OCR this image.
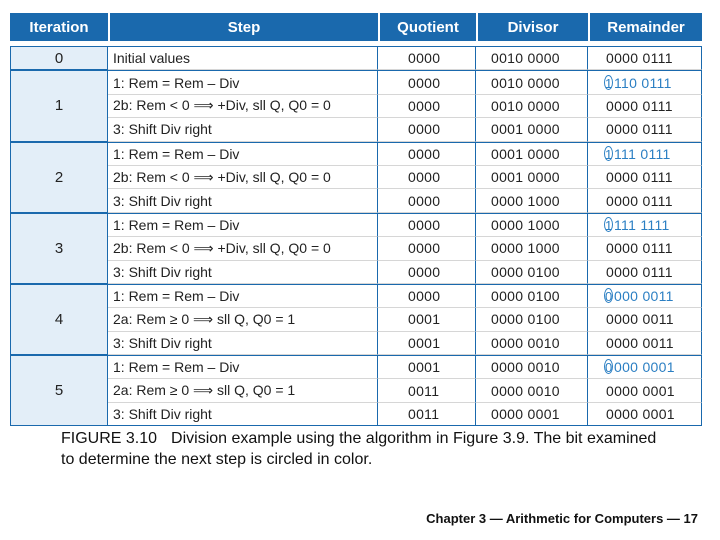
Iteration	Step	Quotient	Divisor	Remainder
0	Initial values	0000	0010 0000	0000 0111
1	1: Rem = Rem – Div	0000	0010 0000	1110 0111
	2b: Rem < 0 ⟹ +Div, sll Q, Q0 = 0	0000	0010 0000	0000 0111
	3: Shift Div right	0000	0001 0000	0000 0111
2	1: Rem = Rem – Div	0000	0001 0000	1111 0111
	2b: Rem < 0 ⟹ +Div, sll Q, Q0 = 0	0000	0001 0000	0000 0111
	3: Shift Div right	0000	0000 1000	0000 0111
3	1: Rem = Rem – Div	0000	0000 1000	1111 1111
	2b: Rem < 0 ⟹ +Div, sll Q, Q0 = 0	0000	0000 1000	0000 0111
	3: Shift Div right	0000	0000 0100	0000 0111
4	1: Rem = Rem – Div	0000	0000 0100	0000 0011
	2a: Rem ≥ 0 ⟹ sll Q, Q0 = 1	0001	0000 0100	0000 0011
	3: Shift Div right	0001	0000 0010	0000 0011
5	1: Rem = Rem – Div	0001	0000 0010	0000 0001
	2a: Rem ≥ 0 ⟹ sll Q, Q0 = 1	0011	0000 0010	0000 0001
	3: Shift Div right	0011	0000 0001	0000 0001

FIGURE 3.10 Division example using the algorithm in Figure 3.9. The bit examined to determine the next step is circled in color.

Chapter 3 — Arithmetic for Computers — 17
